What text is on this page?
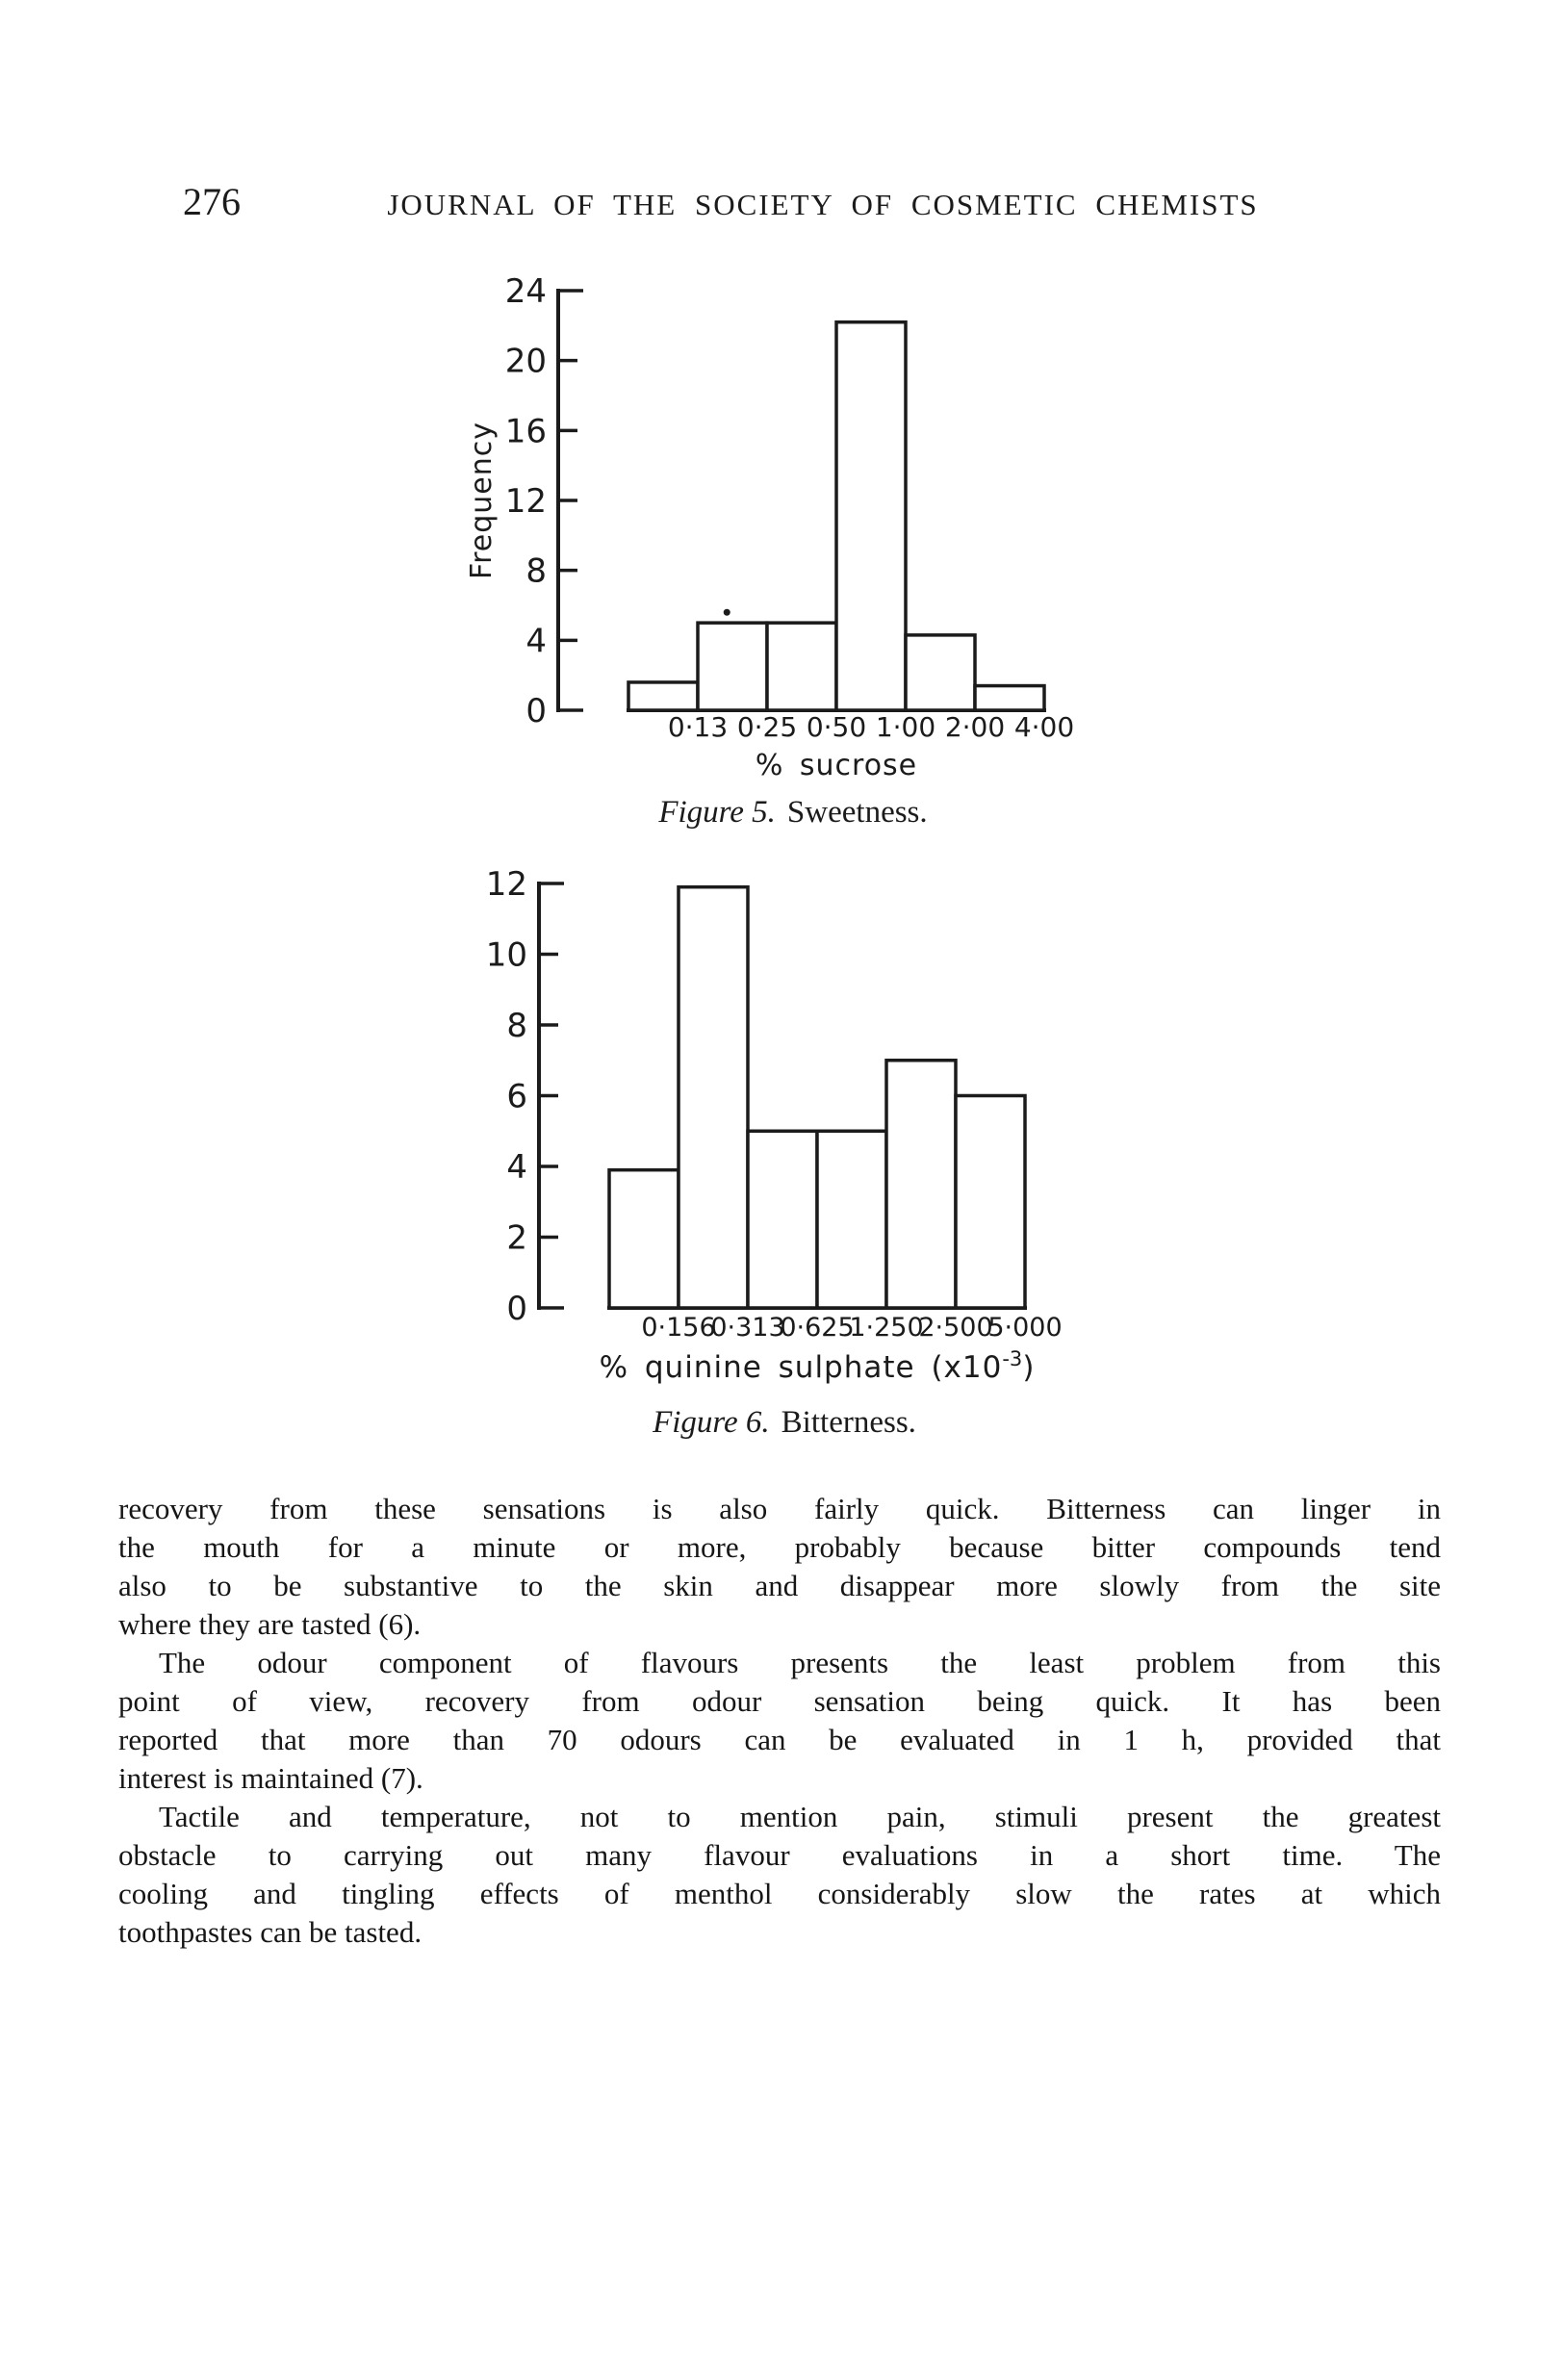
276	JOURNAL OF THE SOCIETY OF COSMETIC CHEMISTS
0
4
8
12
16
20
24
0·13 0·25 0·50 1·00 2·00 4·00
Frequency
% sucrose
Figure 5. Sweetness.
0
2
4
6
8
10
12
0·156
0·313
0·625
1·250
2·500
5·000
% quinine sulphate $(x10^{-3})$
Figure 6. Bitterness.
recovery from these sensations is also fairly quick. Bitterness can linger in
the mouth for a minute or more, probably because bitter compounds tend
also to be substantive to the skin and disappear more slowly from the site
where they are tasted (6).
The odour component of flavours presents the least problem from this
point of view, recovery from odour sensation being quick. It has been
reported that more than 70 odours can be evaluated in 1 h, provided that
interest is maintained (7).
Tactile and temperature, not to mention pain, stimuli present the greatest
obstacle to carrying out many flavour evaluations in a short time. The
cooling and tingling effects of menthol considerably slow the rates at which
toothpastes can be tasted.
